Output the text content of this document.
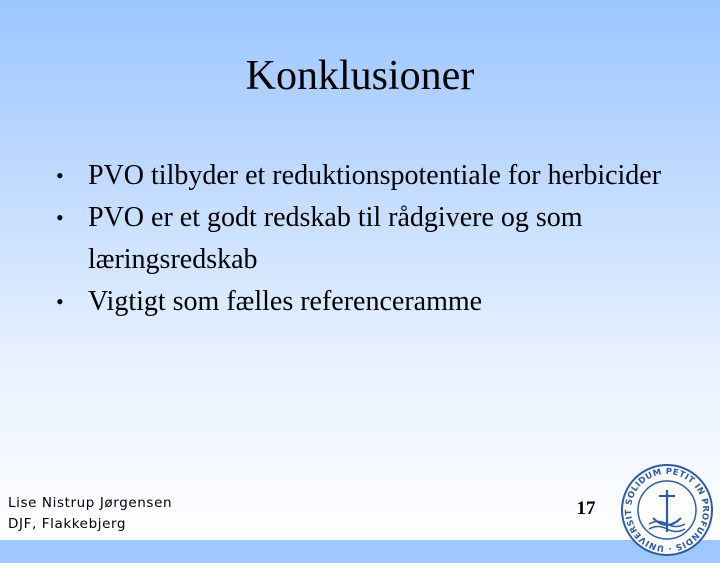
Konklusioner
• PVO tilbyder et reduktionspotentiale for herbicider
• PVO er et godt redskab til rådgivere og som læringsredskab
• Vigtigt som fælles referenceramme
Lise Nistrup Jørgensen
DJF, Flakkebjerg
17	SOLIDUM PETIT IN PROFUNDIS · UNIVERSIT
